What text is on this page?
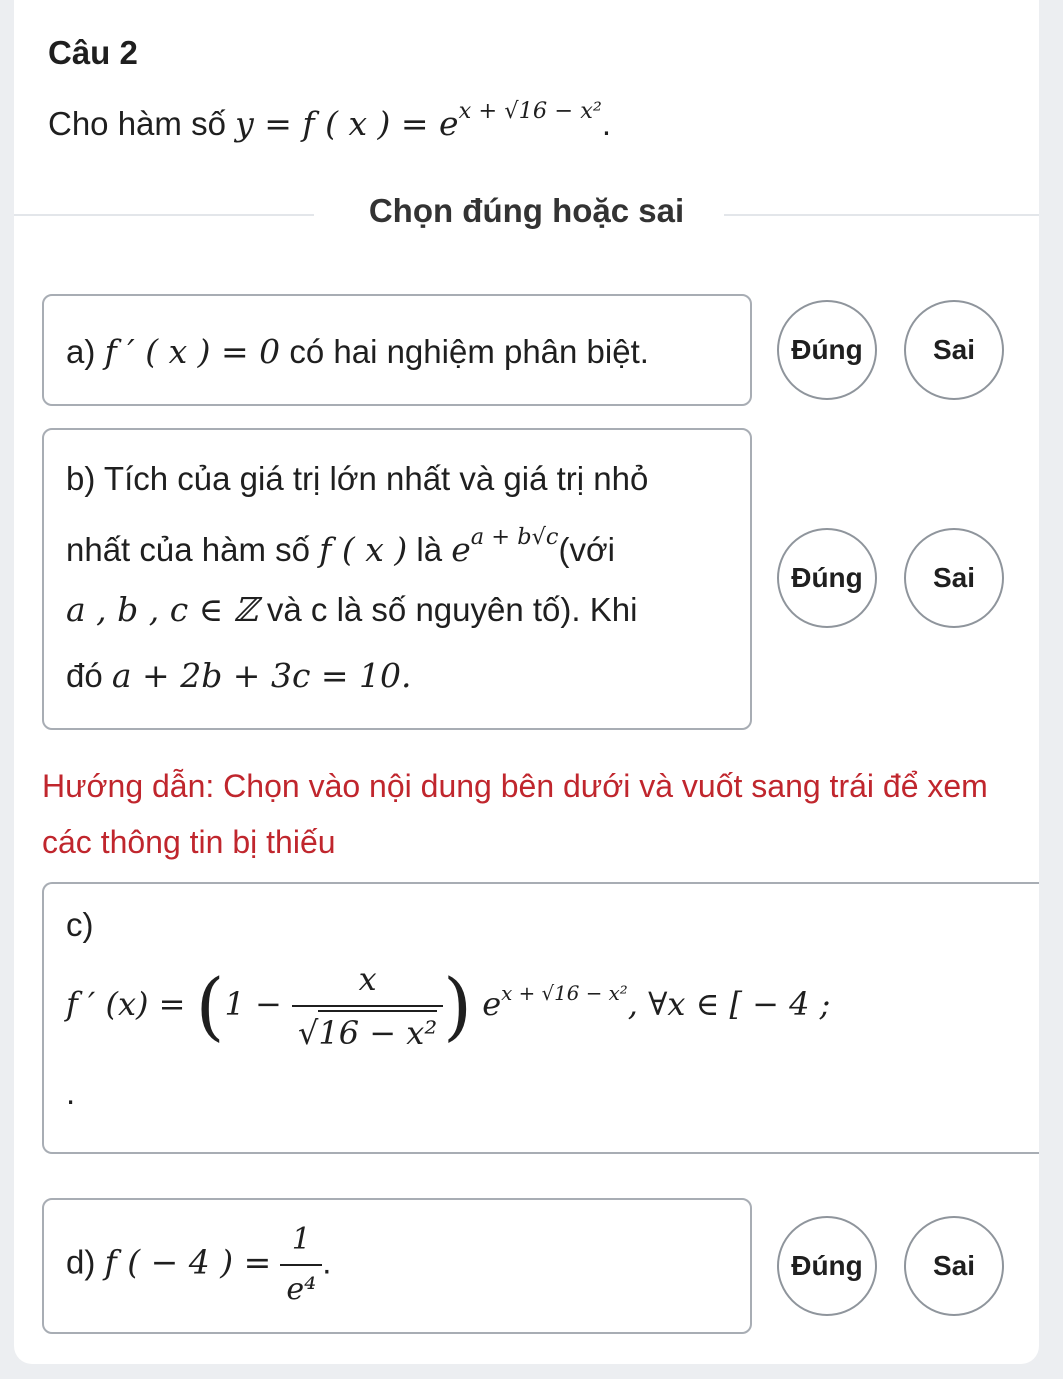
Câu 2
Cho hàm số y = f ( x ) = $e^{x + √16 - x^2}$.
Chọn đúng hoặc sai
a) f ′ ( x ) = 0 có hai nghiệm phân biệt.	Đúng	Sai
b) Tích của giá trị lớn nhất và giá trị nhỏ
nhất của hàm số f ( x ) là $e^{a + b√c}(với$
a , b , c ∈ ℤ và c là số nguyên tố). Khi
đó a + 2b + 3c = 10.
Đúng	Sai
Hướng dẫn: Chọn vào nội dung bên dưới và vuốt sang trái để xem các thông tin bị thiếu
c)
f ′ $(x) = (1 - \frac{x}{\text{√16 − x²}}$ ) $e^{x + √16 - x^2}$, ∀x ∈ [ − 4 ;
.
d) f ( − 4 ) = $\frac{1}{\text{e⁴}}$ .	Đúng	Sai
